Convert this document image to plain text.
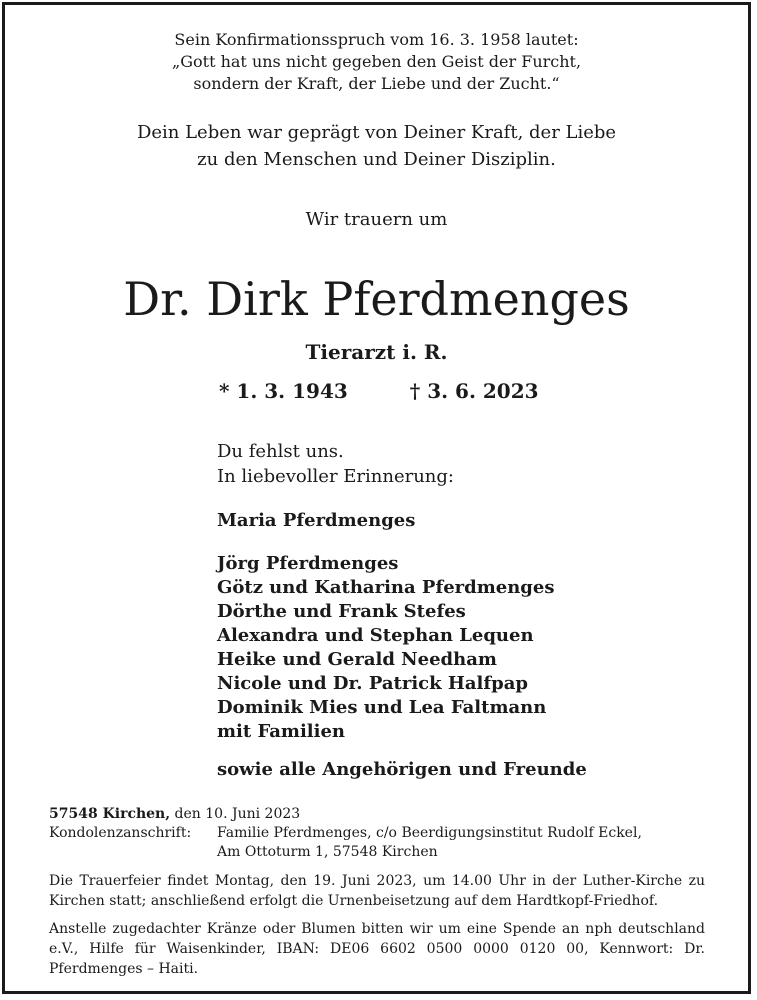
Sein Konfirmationsspruch vom 16. 3. 1958 lautet:
„Gott hat uns nicht gegeben den Geist der Furcht,
sondern der Kraft, der Liebe und der Zucht.“
Dein Leben war geprägt von Deiner Kraft, der Liebe
zu den Menschen und Deiner Disziplin.
Wir trauern um
Dr. Dirk Pferdmenges
Tierarzt i. R.
* 1. 3. 1943	† 3. 6. 2023
Du fehlst uns.
In liebevoller Erinnerung:
Maria Pferdmenges
Jörg Pferdmenges
Götz und Katharina Pferdmenges
Dörthe und Frank Stefes
Alexandra und Stephan Lequen
Heike und Gerald Needham
Nicole und Dr. Patrick Halfpap
Dominik Mies und Lea Faltmann
mit Familien
sowie alle Angehörigen und Freunde
57548 Kirchen, den 10. Juni 2023
Kondolenzanschrift: Familie Pferdmenges, c/o Beerdigungsinstitut Rudolf Eckel,
Am Ottoturm 1, 57548 Kirchen
Die Trauerfeier findet Montag, den 19. Juni 2023, um 14.00 Uhr in der Luther-Kirche zu Kirchen statt; anschließend erfolgt die Urnenbeisetzung auf dem Hardtkopf-Friedhof.
Anstelle zugedachter Kränze oder Blumen bitten wir um eine Spende an nph deutschland e.V., Hilfe für Waisenkinder, IBAN: DE06 6602 0500 0000 0120 00, Kennwort: Dr. Pferdmenges – Haiti.
